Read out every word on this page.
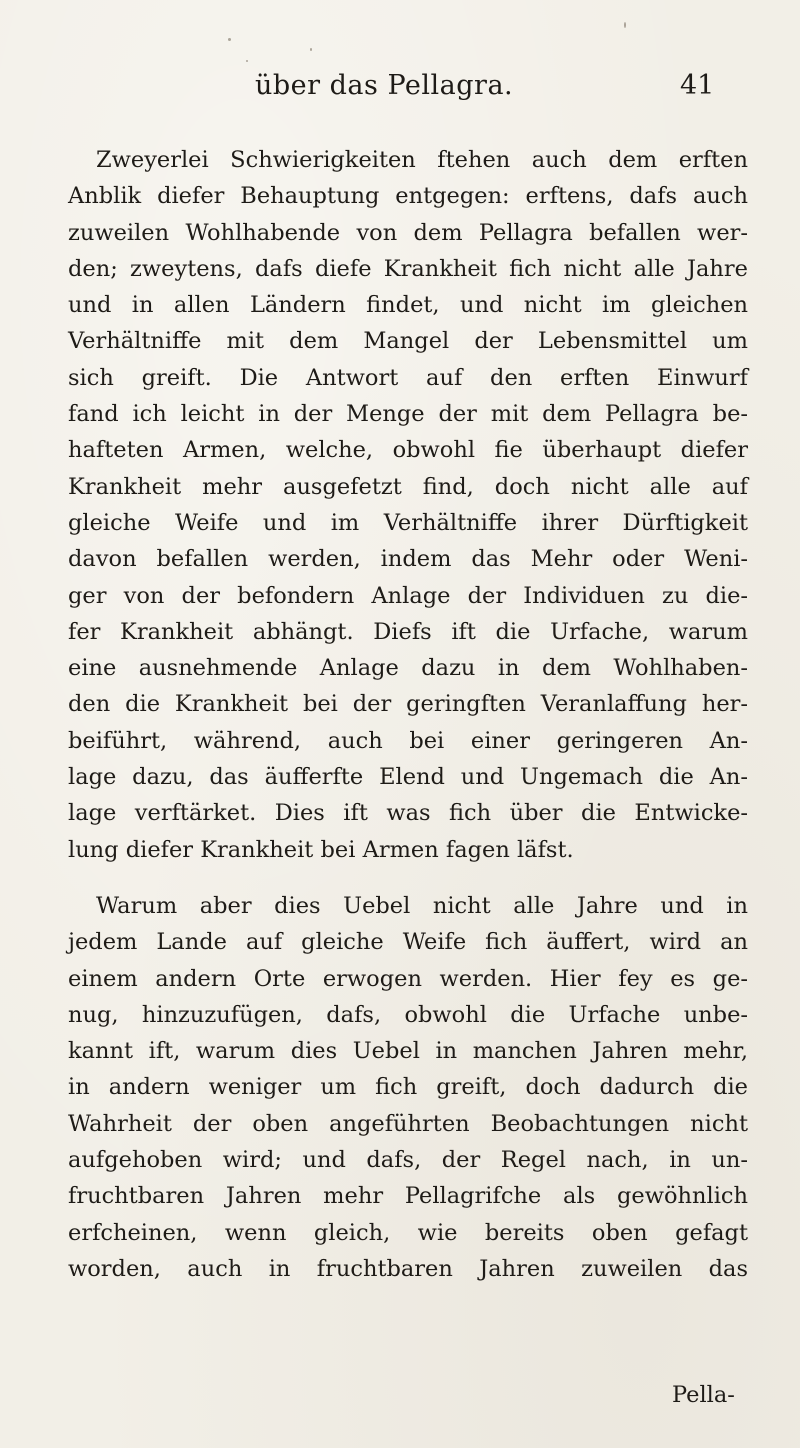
über das Pellagra.	41

Zweyerlei Schwierigkeiten ftehen auch dem erften
Anblik diefer Behauptung entgegen: erftens, dafs auch
zuweilen Wohlhabende von dem Pellagra befallen wer-
den; zweytens, dafs diefe Krankheit fich nicht alle Jahre
und in allen Ländern findet, und nicht im gleichen
Verhältniffe mit dem Mangel der Lebensmittel um
sich greift. Die Antwort auf den erften Einwurf
fand ich leicht in der Menge der mit dem Pellagra be-
hafteten Armen, welche, obwohl fie überhaupt diefer
Krankheit mehr ausgefetzt find, doch nicht alle auf
gleiche Weife und im Verhältniffe ihrer Dürftigkeit
davon befallen werden, indem das Mehr oder Weni-
ger von der befondern Anlage der Individuen zu die-
fer Krankheit abhängt. Diefs ift die Urfache, warum
eine ausnehmende Anlage dazu in dem Wohlhaben-
den die Krankheit bei der geringften Veranlaffung her-
beiführt, während, auch bei einer geringeren An-
lage dazu, das äufferfte Elend und Ungemach die An-
lage verftärket. Dies ift was fich über die Entwicke-
lung diefer Krankheit bei Armen fagen läfst.

Warum aber dies Uebel nicht alle Jahre und in
jedem Lande auf gleiche Weife fich äuffert, wird an
einem andern Orte erwogen werden. Hier fey es ge-
nug, hinzuzufügen, dafs, obwohl die Urfache unbe-
kannt ift, warum dies Uebel in manchen Jahren mehr,
in andern weniger um fich greift, doch dadurch die
Wahrheit der oben angeführten Beobachtungen nicht
aufgehoben wird; und dafs, der Regel nach, in un-
fruchtbaren Jahren mehr Pellagrifche als gewöhnlich
erfcheinen, wenn gleich, wie bereits oben gefagt
worden, auch in fruchtbaren Jahren zuweilen das

Pella-
